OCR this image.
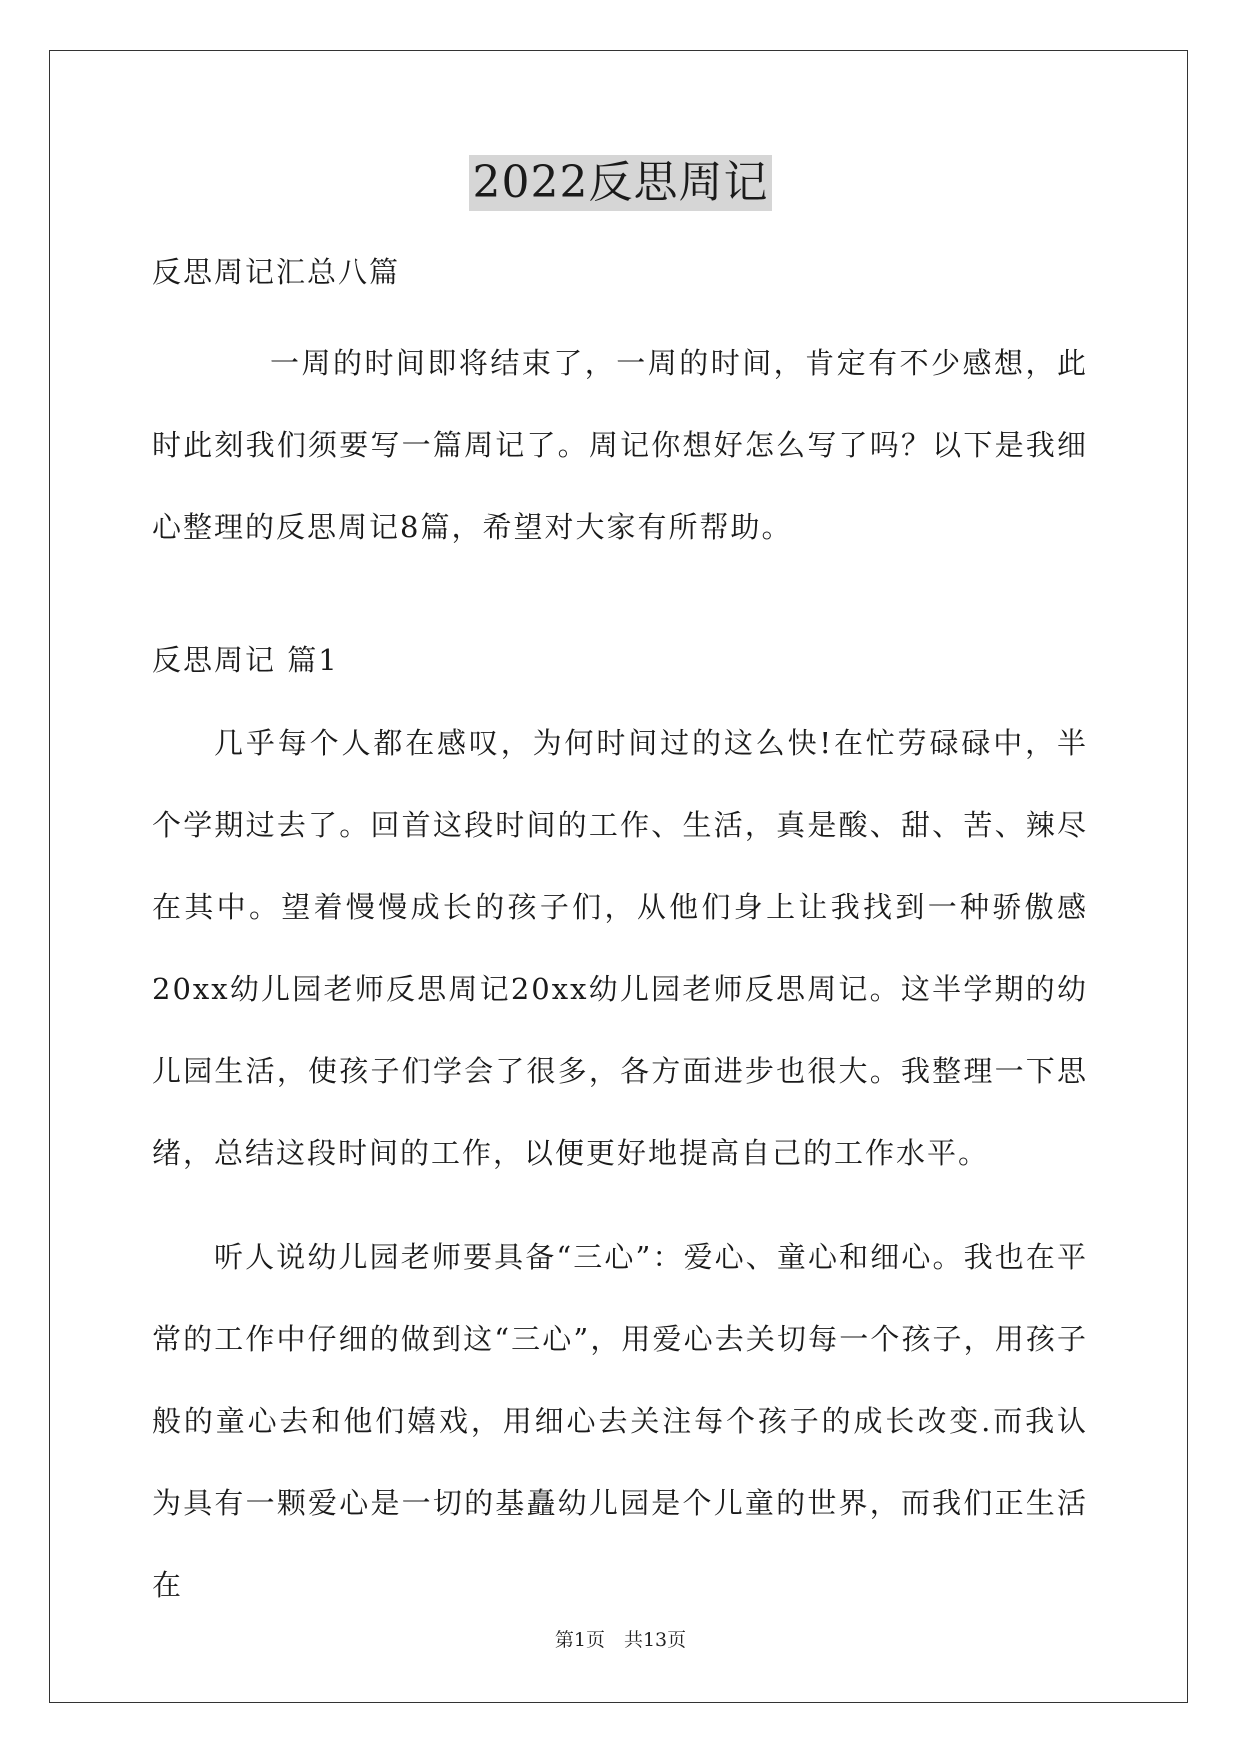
2022反思周记

反思周记汇总八篇

一周的时间即将结束了，一周的时间，肯定有不少感想，此时此刻我们须要写一篇周记了。周记你想好怎么写了吗？以下是我细心整理的反思周记8篇，希望对大家有所帮助。

反思周记 篇1

几乎每个人都在感叹，为何时间过的这么快!在忙劳碌碌中，半个学期过去了。回首这段时间的工作、生活，真是酸、甜、苦、辣尽在其中。望着慢慢成长的孩子们，从他们身上让我找到一种骄傲感20xx幼儿园老师反思周记20xx幼儿园老师反思周记。这半学期的幼儿园生活，使孩子们学会了很多，各方面进步也很大。我整理一下思绪，总结这段时间的工作，以便更好地提高自己的工作水平。

听人说幼儿园老师要具备“三心”：爱心、童心和细心。我也在平常的工作中仔细的做到这“三心”，用爱心去关切每一个孩子，用孩子般的童心去和他们嬉戏，用细心去关注每个孩子的成长改变.而我认为具有一颗爱心是一切的基矗幼儿园是个儿童的世界，而我们正生活在

第1页　共13页
